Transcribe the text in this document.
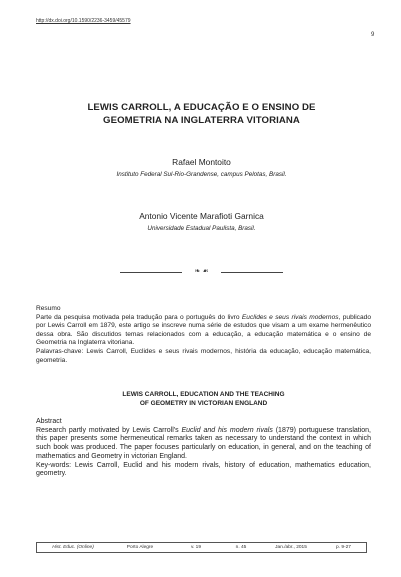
http://dx.doi.org/10.1590/2236-3459/45579
9
LEWIS CARROLL, A EDUCAÇÃO E O ENSINO DE
GEOMETRIA NA INGLATERRA VITORIANA
Rafael Montoito
Instituto Federal Sul-Rio-Grandense, campus Pelotas, Brasil.
Antonio Vicente Marafioti Garnica
Universidade Estadual Paulista, Brasil.
❧ ☙

Resumo

Parte da pesquisa motivada pela tradução para o português do livro Euclides e seus rivais modernos, publicado por Lewis Carroll em 1879, este artigo se inscreve numa série de estudos que visam a um exame hermenêutico dessa obra. São discutidos temas relacionados com a educação, a educação matemática e o ensino de Geometria na Inglaterra vitoriana.

Palavras-chave: Lewis Carroll, Euclides e seus rivais modernos, história da educação, educação matemática, geometria.

LEWIS CARROLL, EDUCATION AND THE TEACHING
OF GEOMETRY IN VICTORIAN ENGLAND

Abstract

Research partly motivated by Lewis Carroll's Euclid and his modern rivals (1879) portuguese translation, this paper presents some hermeneutical remarks taken as necessary to understand the context in which such book was produced. The paper focuses particularly on education, in general, and on the teaching of mathematics and Geometry in victorian England.

Key-words: Lewis Carroll, Euclid and his modern rivals, history of education, mathematics education, geometry.

Hist. Educ. (Online)	Porto Alegre	v. 19	n. 45	Jan./abr., 2015	p. 9-27
